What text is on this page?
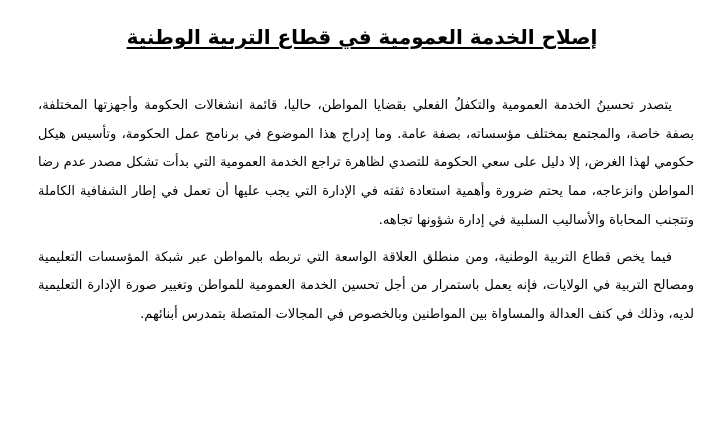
إصلاح الخدمة العمومية في قطاع التربية الوطنية

يتصدر تحسينُ الخدمة العمومية والتكفلُ الفعلي بقضايا المواطن، حاليا، قائمة انشغالات الحكومة وأجهزتها المختلفة، بصفة خاصة، والمجتمع بمختلف مؤسساته، بصفة عامة. وما إدراج هذا الموضوع في برنامج عمل الحكومة، وتأسيس هيكل حكومي لهذا الغرض، إلا دليل على سعي الحكومة للتصدي لظاهرة تراجع الخدمة العمومية التي بدأت تشكل مصدر عدم رضا المواطن وانزعاجه، مما يحتم ضرورة وأهمية استعادة ثقته في الإدارة التي يجب عليها أن تعمل في إطار الشفافية الكاملة وتتجنب المحاباة والأساليب السلبية في إدارة شؤونها تجاهه.

فيما يخص قطاع التربية الوطنية، ومن منطلق العلاقة الواسعة التي تربطه بالمواطن عبر شبكة المؤسسات التعليمية ومصالح التربية في الولايات، فإنه يعمل باستمرار من أجل تحسين الخدمة العمومية للمواطن وتغيير صورة الإدارة التعليمية لديه، وذلك في كنف العدالة والمساواة بين المواطنين وبالخصوص في المجالات المتصلة بتمدرس أبنائهم.
